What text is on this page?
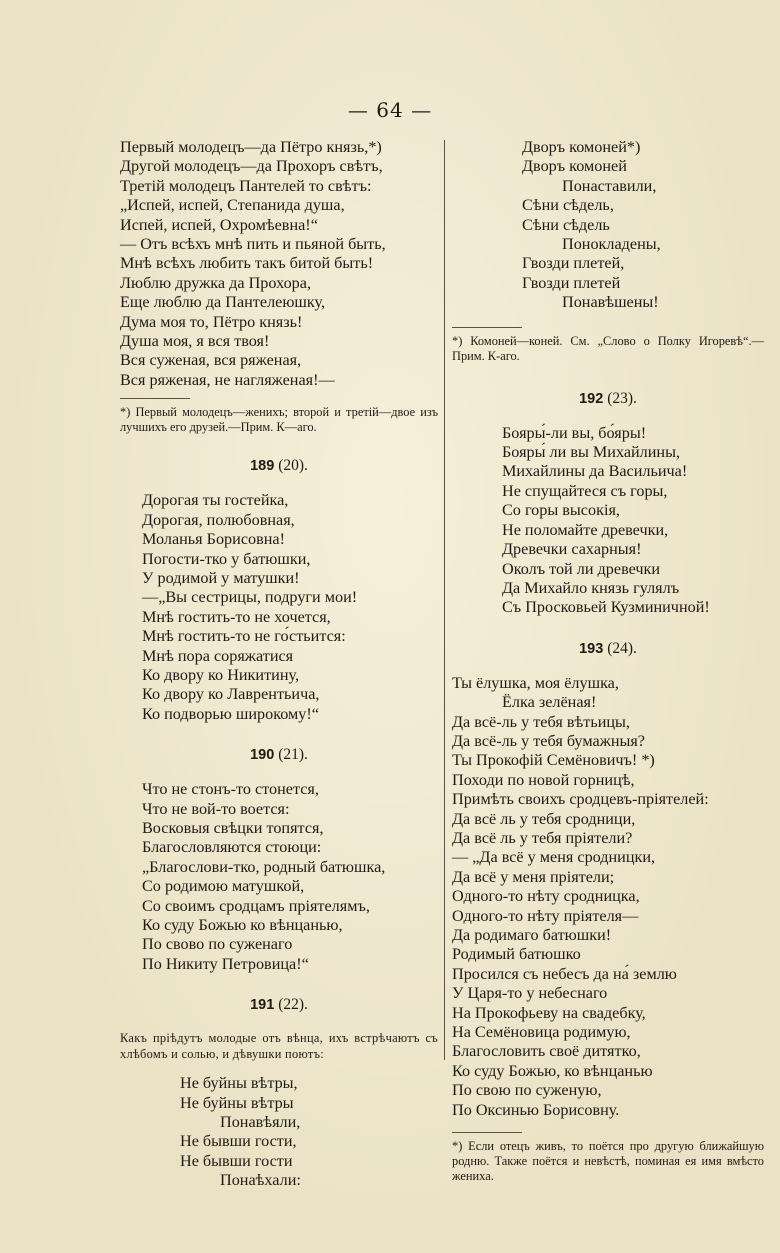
— 64 —
Первый молодецъ—да Пётро князь,*)
Другой молодецъ—да Прохоръ свѣтъ,
Третій молодецъ Пантелей то свѣтъ:
„Испей, испей, Степанида душа,
Испей, испей, Охромѣевна!“
— Отъ всѣхъ мнѣ пить и пьяной быть,
Мнѣ всѣхъ любить такъ битой быть!
Люблю дружка да Прохора,
Еще люблю да Пантелеюшку,
Дума моя то, Пётро князь!
Душа моя, я вся твоя!
Вся суженая, вся ряженая,
Вся ряженая, не нагляженая!—
*) Первый молодецъ—женихъ; второй и третій—двое изъ лучшихъ его друзей.—Прим. К—аго.
189 (20).
Дорогая ты гостейка,
Дорогая, полюбовная,
Моланья Борисовна!
Погости-тко у батюшки,
У родимой у матушки!
—„Вы сестрицы, подруги мои!
Мнѣ гостить-то не хочется,
Мнѣ гостить-то не го́стьится:
Мнѣ пора соряжатися
Ко двору ко Никитину,
Ко двору ко Лаврентьича,
Ко подворью широкому!“
190 (21).
Что не стонъ-то стонется,
Что не вой-то воется:
Восковыя свѣцки топятся,
Благословляются стоюци:
„Благослови-тко, родный батюшка,
Со родимою матушкой,
Со своимъ сродцамъ пріятелямъ,
Ко суду Божью ко вѣнцанью,
По свово по суженаго
По Никиту Петровица!“
191 (22).
Какъ пріѣдутъ молодые отъ вѣнца, ихъ встрѣчаютъ съ хлѣбомъ и солью, и дѣвушки поютъ:
Не буйны вѣтры,
Не буйны вѣтры
Понавѣяли,
Не бывши гости,
Не бывши гости
Понаѣхали:
Дворъ комоней*)
Дворъ комоней
Понаставили,
Сѣни сѣдель,
Сѣни сѣдель
Понокладены,
Гвозди плетей,
Гвозди плетей
Понавѣшены!
*) Комоней—коней. См. „Слово о Полку Игоревѣ“.—Прим. К-аго.
192 (23).
Бояры́-ли вы, бо́яры!
Бояры́ ли вы Михайлины,
Михайлины да Васильича!
Не спущайтеся съ горы,
Со горы высокія,
Не поломайте древечки,
Древечки сахарныя!
Околъ той ли древечки
Да Михайло князь гулялъ
Съ Просковьей Кузминичной!
193 (24).
Ты ёлушка, моя ёлушка,
Ёлка зелёная!
Да всё-ль у тебя вѣтьицы,
Да всё-ль у тебя бумажныя?
Ты Прокофій Семёновичъ! *)
Походи по новой горницѣ,
Примѣть своихъ сродцевъ-пріятелей:
Да всё ль у тебя сродници,
Да всё ль у тебя пріятели?
— „Да всё у меня сродницки,
Да всё у меня пріятели;
Одного-то нѣту сродницка,
Одного-то нѣту пріятеля—
Да родимаго батюшки!
Родимый батюшко
Просился съ небесъ да на́ землю
У Царя-то у небеснаго
На Прокофьеву на свадебку,
На Семёновица родимую,
Благословить своё дитятко,
Ко суду Божью, ко вѣнцанью
По свою по суженую,
По Оксинью Борисовну.
*) Если отецъ живъ, то поётся про другую ближайшую родню. Также поётся и невѣстѣ, поминая ея имя вмѣсто жениха.
